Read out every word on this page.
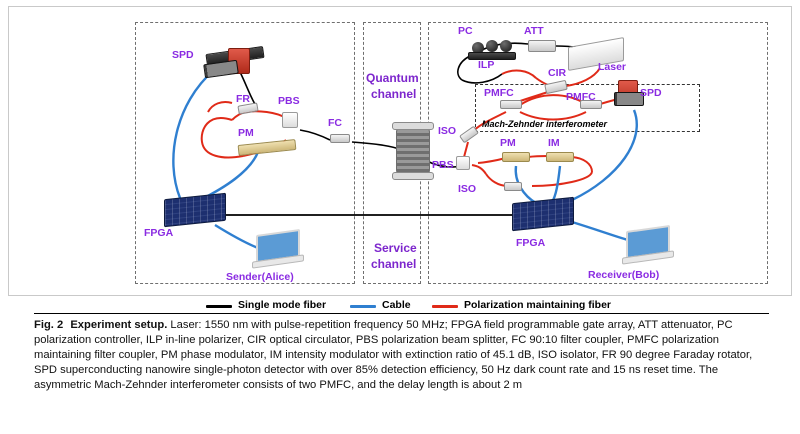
SPD
FR	PBS
PM
FC
FPGA
Sender(Alice)
Quantum
channel
Service
channel
PC	ATT
Laser
ILP
CIR
PMFC	PMFC	SPD
Mach-Zehnder interferometer
ISO
PBS
PM	IM
ISO
FPGA
Receiver(Bob)
Single mode fiber	Cable	Polarization maintaining fiber
Fig. 2 Experiment setup. Laser: 1550 nm with pulse-repetition frequency 50 MHz; FPGA field programmable gate array, ATT attenuator, PC polarization controller, ILP in-line polarizer, CIR optical circulator, PBS polarization beam splitter, FC 90:10 filter coupler, PMFC polarization maintaining filter coupler, PM phase modulator, IM intensity modulator with extinction ratio of 45.1 dB, ISO isolator, FR 90 degree Faraday rotator, SPD superconducting nanowire single-photon detector with over 85% detection efficiency, 50 Hz dark count rate and 15 ns reset time. The asymmetric Mach-Zehnder interferometer consists of two PMFC, and the delay length is about 2 m
